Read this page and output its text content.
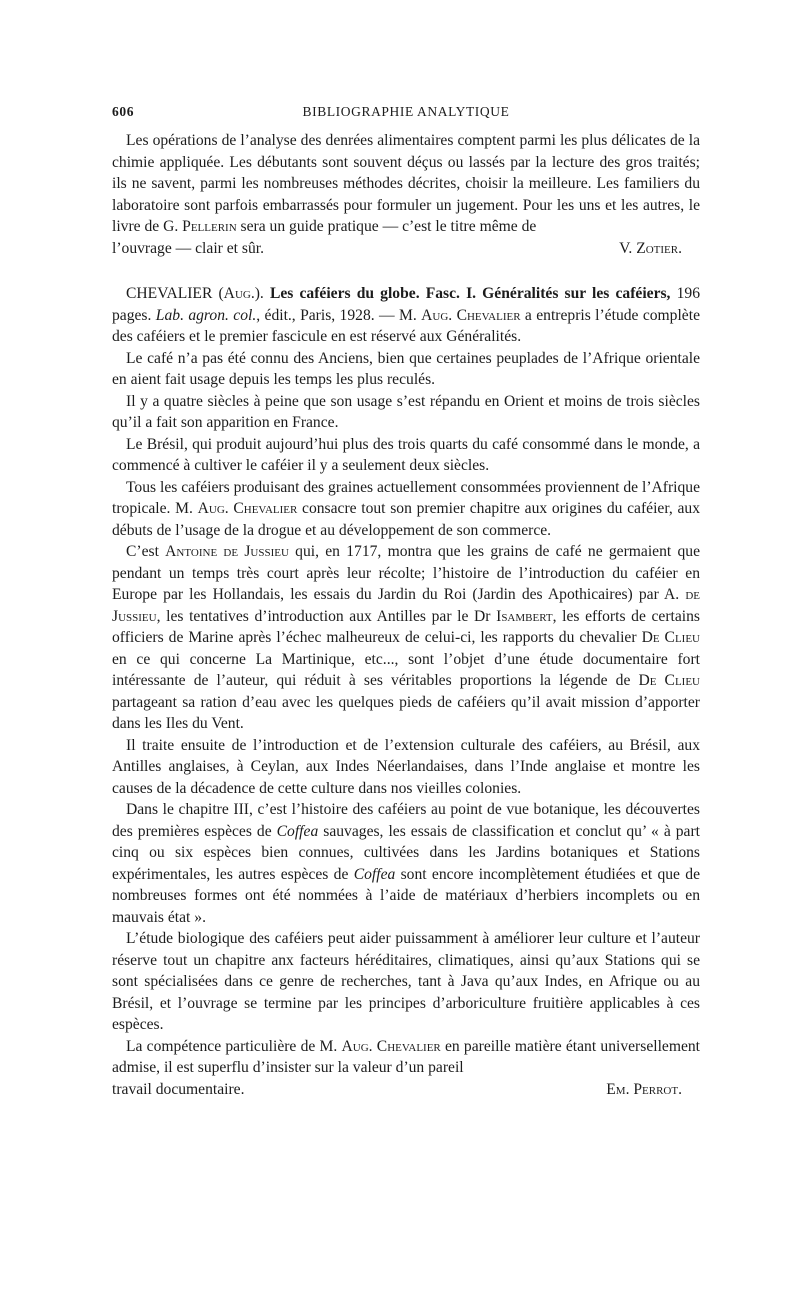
606	BIBLIOGRAPHIE ANALYTIQUE

Les opérations de l’analyse des denrées alimentaires comptent parmi les plus délicates de la chimie appliquée. Les débutants sont souvent déçus ou lassés par la lecture des gros traités; ils ne savent, parmi les nombreuses méthodes décrites, choisir la meilleure. Les familiers du laboratoire sont parfois embarrassés pour formuler un jugement. Pour les uns et les autres, le livre de G. Pellerin sera un guide pratique — c’est le titre même de

l’ouvrage — clair et sûr.	V. Zotier.

CHEVALIER (Aug.). Les caféiers du globe. Fasc. I. Généralités sur les caféiers, 196 pages. Lab. agron. col., édit., Paris, 1928. — M. Aug. Chevalier a entrepris l’étude complète des caféiers et le premier fascicule en est réservé aux Généralités.

Le café n’a pas été connu des Anciens, bien que certaines peuplades de l’Afrique orientale en aient fait usage depuis les temps les plus reculés.

Il y a quatre siècles à peine que son usage s’est répandu en Orient et moins de trois siècles qu’il a fait son apparition en France.

Le Brésil, qui produit aujourd’hui plus des trois quarts du café consommé dans le monde, a commencé à cultiver le caféier il y a seulement deux siècles.

Tous les caféiers produisant des graines actuellement consommées proviennent de l’Afrique tropicale. M. Aug. Chevalier consacre tout son premier chapitre aux origines du caféier, aux débuts de l’usage de la drogue et au développement de son commerce.

C’est Antoine de Jussieu qui, en 1717, montra que les grains de café ne germaient que pendant un temps très court après leur récolte; l’histoire de l’introduction du caféier en Europe par les Hollandais, les essais du Jardin du Roi (Jardin des Apothicaires) par A. de Jussieu, les tentatives d’introduction aux Antilles par le Dr Isambert, les efforts de certains officiers de Marine après l’échec malheureux de celui-ci, les rapports du chevalier De Clieu en ce qui concerne La Martinique, etc..., sont l’objet d’une étude documentaire fort intéressante de l’auteur, qui réduit à ses véritables proportions la légende de De Clieu partageant sa ration d’eau avec les quelques pieds de caféiers qu’il avait mission d’apporter dans les Iles du Vent.

Il traite ensuite de l’introduction et de l’extension culturale des caféiers, au Brésil, aux Antilles anglaises, à Ceylan, aux Indes Néerlandaises, dans l’Inde anglaise et montre les causes de la décadence de cette culture dans nos vieilles colonies.

Dans le chapitre III, c’est l’histoire des caféiers au point de vue botanique, les découvertes des premières espèces de Coffea sauvages, les essais de classification et conclut qu’ « à part cinq ou six espèces bien connues, cultivées dans les Jardins botaniques et Stations expérimentales, les autres espèces de Coffea sont encore incomplètement étudiées et que de nombreuses formes ont été nommées à l’aide de matériaux d’herbiers incomplets ou en mauvais état ».

L’étude biologique des caféiers peut aider puissamment à améliorer leur culture et l’auteur réserve tout un chapitre anx facteurs héréditaires, climatiques, ainsi qu’aux Stations qui se sont spécialisées dans ce genre de recherches, tant à Java qu’aux Indes, en Afrique ou au Brésil, et l’ouvrage se termine par les principes d’arboriculture fruitière applicables à ces espèces.

La compétence particulière de M. Aug. Chevalier en pareille matière étant universellement admise, il est superflu d’insister sur la valeur d’un pareil

travail documentaire.	Em. Perrot.
